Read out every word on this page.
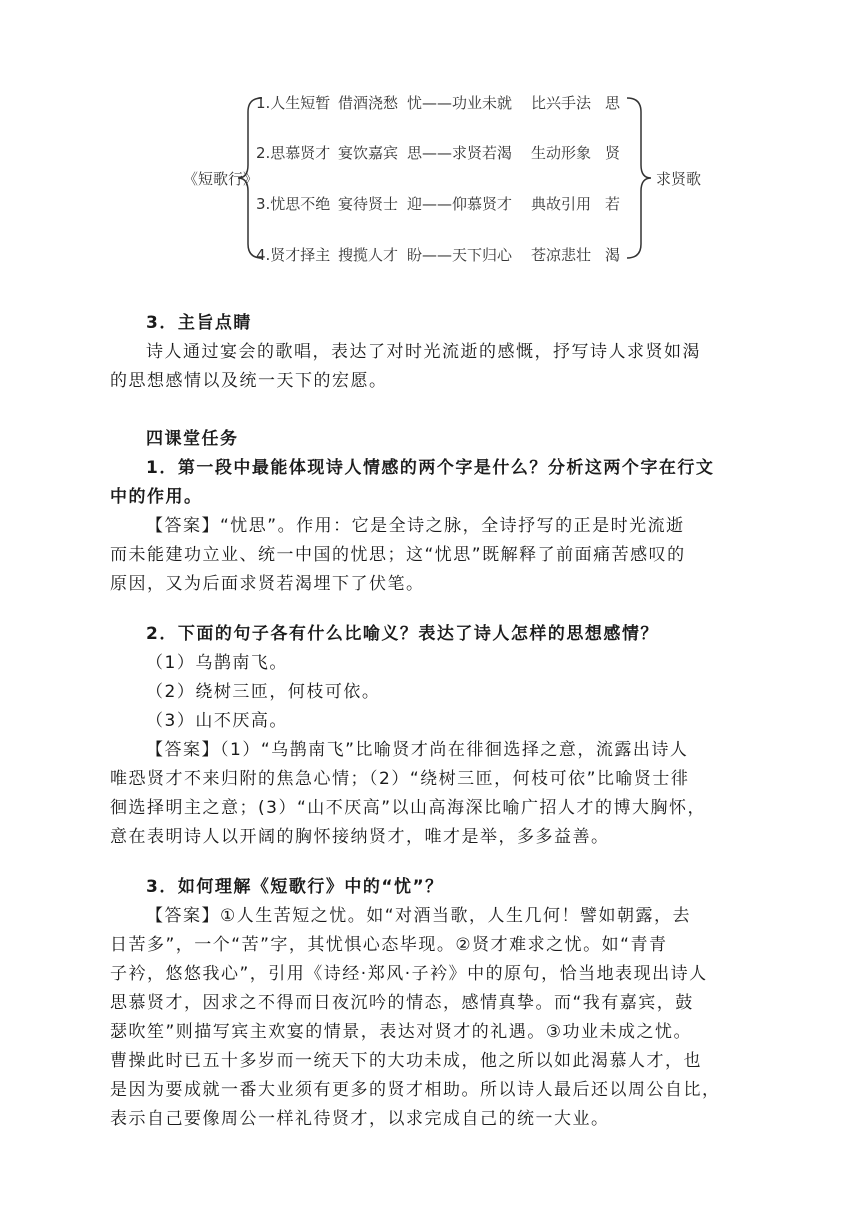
《短歌行》	求贤歌
1.人生短暂 借酒浇愁 忧——功业未就 比兴手法 思
2.思慕贤才 宴饮嘉宾 思——求贤若渴 生动形象 贤
3.忧思不绝 宴待贤士 迎——仰慕贤才 典故引用 若
4.贤才择主 搜揽人才 盼——天下归心 苍凉悲壮 渴
3．主旨点睛
诗人通过宴会的歌唱，表达了对时光流逝的感慨，抒写诗人求贤如渴
的思想感情以及统一天下的宏愿。
四课堂任务
1．第一段中最能体现诗人情感的两个字是什么？分析这两个字在行文
中的作用。
【答案】“忧思”。作用：它是全诗之脉，全诗抒写的正是时光流逝
而未能建功立业、统一中国的忧思；这“忧思”既解释了前面痛苦感叹的
原因，又为后面求贤若渴埋下了伏笔。
2．下面的句子各有什么比喻义？表达了诗人怎样的思想感情？
（1）乌鹊南飞。
（2）绕树三匝，何枝可依。
（3）山不厌高。
【答案】（1）“乌鹊南飞”比喻贤才尚在徘徊选择之意，流露出诗人
唯恐贤才不来归附的焦急心情；（2）“绕树三匝，何枝可依”比喻贤士徘
徊选择明主之意；(3）“山不厌高”以山高海深比喻广招人才的博大胸怀，
意在表明诗人以开阔的胸怀接纳贤才，唯才是举，多多益善。
3．如何理解《短歌行》中的“忧”？
【答案】①人生苦短之忧。如“对酒当歌，人生几何！譬如朝露，去
日苦多”，一个“苦”字，其忧惧心态毕现。②贤才难求之忧。如“青青
子衿，悠悠我心”，引用《诗经·郑风·子衿》中的原句，恰当地表现出诗人
思慕贤才，因求之不得而日夜沉吟的情态，感情真挚。而“我有嘉宾，鼓
瑟吹笙”则描写宾主欢宴的情景，表达对贤才的礼遇。③功业未成之忧。
曹操此时已五十多岁而一统天下的大功未成，他之所以如此渴慕人才，也
是因为要成就一番大业须有更多的贤才相助。所以诗人最后还以周公自比，
表示自己要像周公一样礼待贤才，以求完成自己的统一大业。
